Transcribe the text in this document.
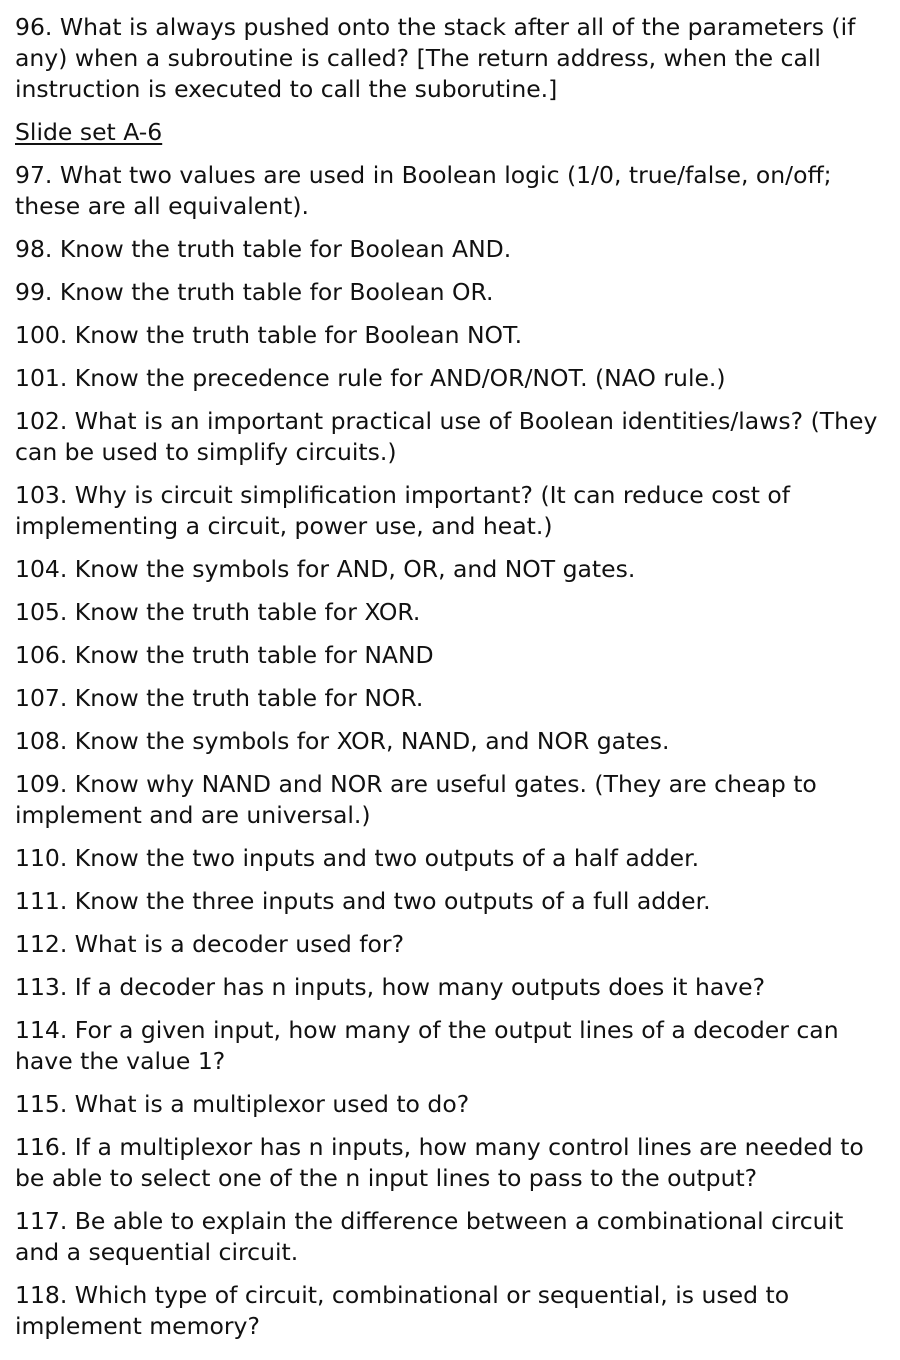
96. What is always pushed onto the stack after all of the parameters (if any) when a subroutine is called? [The return address, when the call instruction is executed to call the suborutine.]
Slide set A-6
97. What two values are used in Boolean logic (1/0, true/false, on/off; these are all equivalent).
98. Know the truth table for Boolean AND.
99. Know the truth table for Boolean OR.
100. Know the truth table for Boolean NOT.
101. Know the precedence rule for AND/OR/NOT. (NAO rule.)
102. What is an important practical use of Boolean identities/laws? (They can be used to simplify circuits.)
103. Why is circuit simplification important? (It can reduce cost of implementing a circuit, power use, and heat.)
104. Know the symbols for AND, OR, and NOT gates.
105. Know the truth table for XOR.
106. Know the truth table for NAND
107. Know the truth table for NOR.
108. Know the symbols for XOR, NAND, and NOR gates.
109. Know why NAND and NOR are useful gates. (They are cheap to implement and are universal.)
110. Know the two inputs and two outputs of a half adder.
111. Know the three inputs and two outputs of a full adder.
112. What is a decoder used for?
113. If a decoder has n inputs, how many outputs does it have?
114. For a given input, how many of the output lines of a decoder can have the value 1?
115. What is a multiplexor used to do?
116. If a multiplexor has n inputs, how many control lines are needed to be able to select one of the n input lines to pass to the output?
117. Be able to explain the difference between a combinational circuit and a sequential circuit.
118. Which type of circuit, combinational or sequential, is used to implement memory?
